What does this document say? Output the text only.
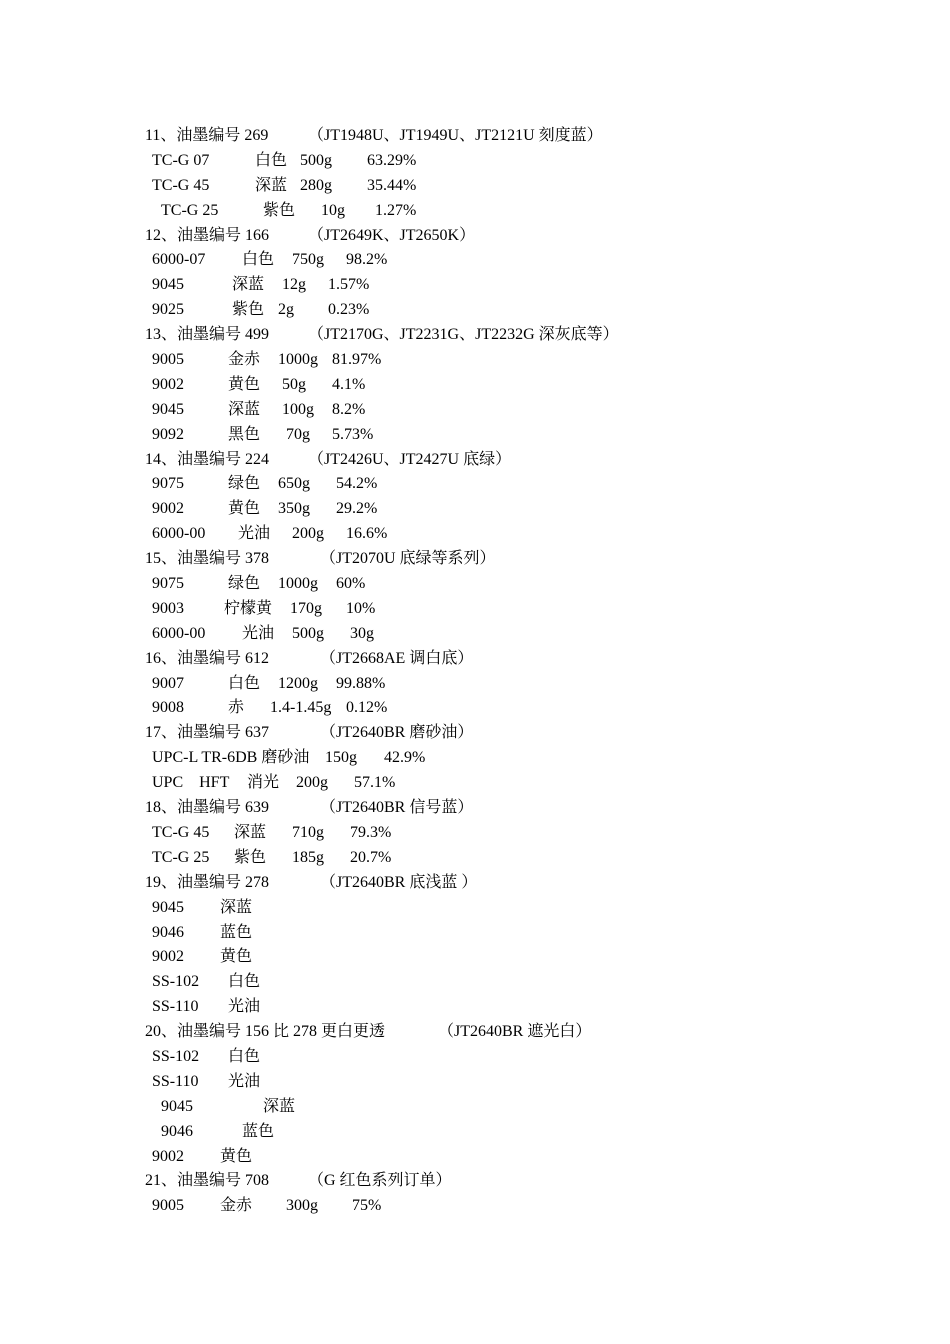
11、油墨编号 269 （JT1948U、JT1949U、JT2121U 刻度蓝）
TC-G 07	白色 500g 63.29%
TC-G 45	深蓝 280g 35.44%
TC-G 25	紫色 10g 1.27%
12、油墨编号 166 （JT2649K、JT2650K）
6000-07 白色 750g 98.2%
9045	深蓝 12g 1.57%
9025	紫色 2g 0.23%
13、油墨编号 499 （JT2170G、JT2231G、JT2232G 深灰底等）
9005	金赤 1000g 81.97%
9002	黄色 50g 4.1%
9045	深蓝 100g 8.2%
9092	黑色 70g 5.73%
14、油墨编号 224 （JT2426U、JT2427U 底绿）
9075	绿色 650g 54.2%
9002	黄色 350g 29.2%
6000-00 光油 200g 16.6%
15、油墨编号 378	（JT2070U 底绿等系列）
9075	绿色 1000g 60%
9003	柠檬黄 170g 10%
6000-00 光油 500g 30g
16、油墨编号 612	（JT2668AE 调白底）
9007	白色 1200g 99.88%
9008	赤 1.4-1.45g 0.12%
17、油墨编号 637	（JT2640BR 磨砂油）
UPC-L TR-6DB 磨砂油 150g 42.9%
UPC    HFT 消光 200g 57.1%
18、油墨编号 639	（JT2640BR 信号蓝）
TC-G 45 深蓝 710g 79.3%
TC-G 25 紫色 185g 20.7%
19、油墨编号 278	（JT2640BR 底浅蓝 ）
9045 深蓝
9046 蓝色
9002 黄色
SS-102 白色
SS-110 光油
20、油墨编号 156 比 278 更白更透	（JT2640BR 遮光白）
SS-102 白色
SS-110 光油
9045	深蓝
9046	蓝色
9002 黄色
21、油墨编号 708 （G 红色系列订单）
9005 金赤 300g 75%
